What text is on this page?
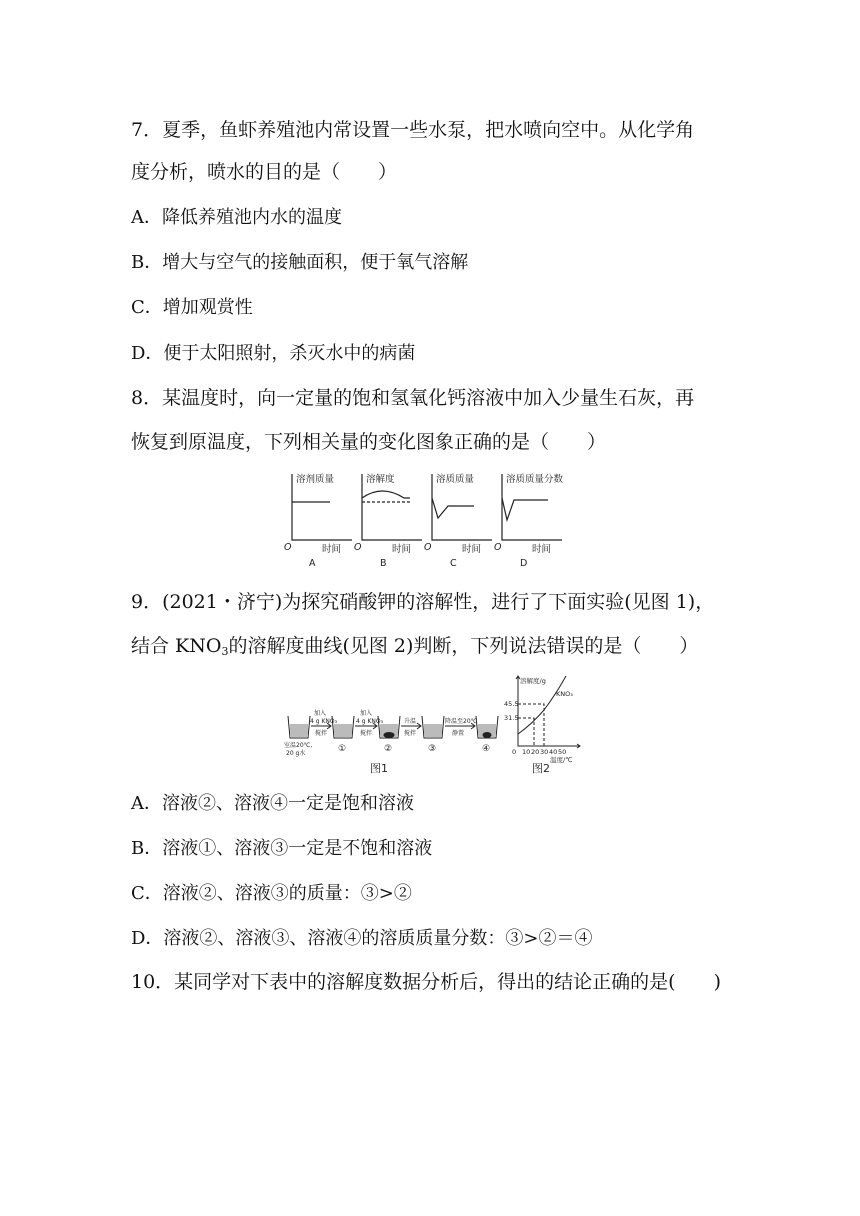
7．夏季，鱼虾养殖池内常设置一些水泵，把水喷向空中。从化学角
度分析，喷水的目的是（　　）
A．降低养殖池内水的温度
B．增大与空气的接触面积，便于氧气溶解
C．增加观赏性
D．便于太阳照射，杀灭水中的病菌
8．某温度时，向一定量的饱和氢氧化钙溶液中加入少量生石灰，再
恢复到原温度，下列相关量的变化图象正确的是（　　）
溶剂质量
时间
O
A
溶解度
时间
O
B
溶质质量
时间
O
C
溶质质量分数
时间
O
D
9．(2021・济宁)为探究硝酸钾的溶解性，进行了下面实验(见图 1)，
结合 $KNO_3$的溶解度曲线(见图 2)判断，下列说法错误的是（　　）
室温20℃,
20 g水
加入
4 g KNO₃
搅拌
加入
4 g KNO₃
搅拌
升温
搅拌
降温至20℃
静置
①	②	③	④
图1
溶解度/g
KNO₃
45.5
31.5
0 10 20 30 40 50
温度/℃
图2
A．溶液②、溶液④一定是饱和溶液
B．溶液①、溶液③一定是不饱和溶液
C．溶液②、溶液③的质量：③>②
D．溶液②、溶液③、溶液④的溶质质量分数：③>②＝④
10．某同学对下表中的溶解度数据分析后，得出的结论正确的是(　　)
